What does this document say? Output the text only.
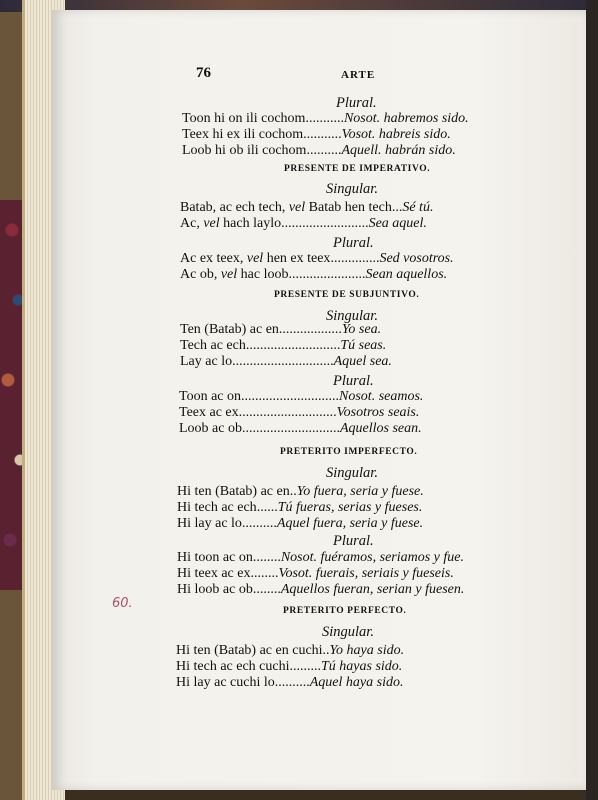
76	ARTE
60.
Plural.
Toon hi on ili cochom...........Nosot. habremos sido.
Teex hi ex ili cochom...........Vosot. habreis sido.
Loob hi ob ili cochom..........Aquell. habrán sido.
PRESENTE DE IMPERATIVO.
Singular.
Batab, ac ech tech, vel Batab hen tech...Sé tú.
Ac, vel hach laylo.........................Sea aquel.
Plural.
Ac ex teex, vel hen ex teex..............Sed vosotros.
Ac ob, vel hac loob......................Sean aquellos.
PRESENTE DE SUBJUNTIVO.
Singular.
Ten (Batab) ac en..................Yo sea.
Tech ac ech...........................Tú seas.
Lay ac lo.............................Aquel sea.
Plural.
Toon ac on............................Nosot. seamos.
Teex ac ex............................Vosotros seais.
Loob ac ob............................Aquellos sean.
PRETERITO IMPERFECTO.
Singular.
Hi ten (Batab) ac en..Yo fuera, seria y fuese.
Hi tech ac ech......Tú fueras, serias y fueses.
Hi lay ac lo..........Aquel fuera, seria y fuese.
Plural.
Hi toon ac on........Nosot. fuéramos, seriamos y fue.
Hi teex ac ex........Vosot. fuerais, seriais y fueseis.
Hi loob ac ob........Aquellos fueran, serian y fuesen.
PRETERITO PERFECTO.
Singular.
Hi ten (Batab) ac en cuchi..Yo haya sido.
Hi tech ac ech cuchi.........Tú hayas sido.
Hi lay ac cuchi lo..........Aquel haya sido.
